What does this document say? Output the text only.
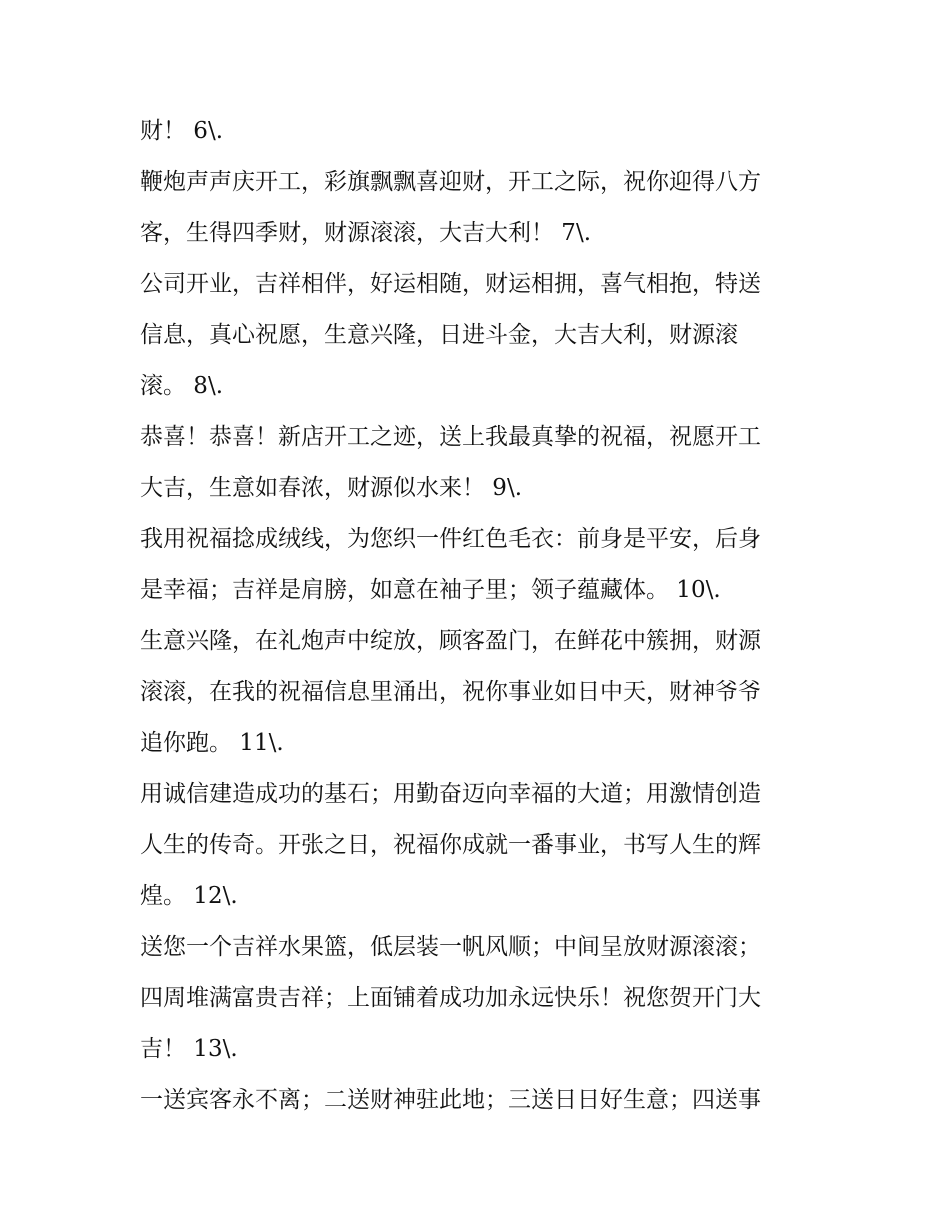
财！ 6\.
鞭炮声声庆开工，彩旗飘飘喜迎财，开工之际，祝你迎得八方
客，生得四季财，财源滚滚，大吉大利！ 7\.
公司开业，吉祥相伴，好运相随，财运相拥，喜气相抱，特送
信息，真心祝愿，生意兴隆，日进斗金，大吉大利，财源滚
滚。 8\.
恭喜！恭喜！新店开工之迹，送上我最真挚的祝福，祝愿开工
大吉，生意如春浓，财源似水来！ 9\.
我用祝福捻成绒线，为您织一件红色毛衣：前身是平安，后身
是幸福；吉祥是肩膀，如意在袖子里；领子蕴藏体。 10\.
生意兴隆，在礼炮声中绽放，顾客盈门，在鲜花中簇拥，财源
滚滚，在我的祝福信息里涌出，祝你事业如日中天，财神爷爷
追你跑。 11\.
用诚信建造成功的基石；用勤奋迈向幸福的大道；用激情创造
人生的传奇。开张之日，祝福你成就一番事业，书写人生的辉
煌。 12\.
送您一个吉祥水果篮，低层装一帆风顺；中间呈放财源滚滚；
四周堆满富贵吉祥；上面铺着成功加永远快乐！祝您贺开门大
吉！ 13\.
一送宾客永不离；二送财神驻此地；三送日日好生意；四送事
